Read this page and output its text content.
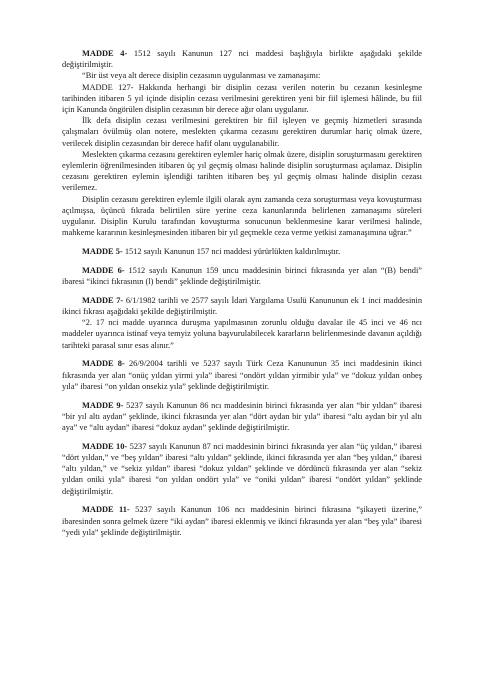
MADDE 4- 1512 sayılı Kanunun 127 nci maddesi başlığıyla birlikte aşağıdaki şekilde değiştirilmiştir.

“Bir üst veya alt derece disiplin cezasının uygulanması ve zamanaşımı:

MADDE 127- Hakkında herhangi bir disiplin cezası verilen noterin bu cezanın kesinleşme tarihinden itibaren 5 yıl içinde disiplin cezası verilmesini gerektiren yeni bir fiil işlemesi hâlinde, bu fiil için Kanunda öngörülen disiplin cezasının bir derece ağır olanı uygulanır.

İlk defa disiplin cezası verilmesini gerektiren bir fiil işleyen ve geçmiş hizmetleri sırasında çalışmaları övülmüş olan notere, meslekten çıkarma cezasını gerektiren durumlar hariç olmak üzere, verilecek disiplin cezasından bir derece hafif olanı uygulanabilir.

Meslekten çıkarma cezasını gerektiren eylemler hariç olmak üzere, disiplin soruşturmasını gerektiren eylemlerin öğrenilmesinden itibaren üç yıl geçmiş olması halinde disiplin soruşturması açılamaz. Disiplin cezasını gerektiren eylemin işlendiği tarihten itibaren beş yıl geçmiş olması halinde disiplin cezası verilemez.

Disiplin cezasını gerektiren eylemle ilgili olarak aynı zamanda ceza soruşturması veya kovuşturması açılmışsa, üçüncü fıkrada belirtilen süre yerine ceza kanunlarında belirlenen zamanaşımı süreleri uygulanır. Disiplin Kurulu tarafından kovuşturma sonucunun beklenmesine karar verilmesi halinde, mahkeme kararının kesinleşmesinden itibaren bir yıl geçmekle ceza verme yetkisi zamanaşımına uğrar.”

MADDE 5- 1512 sayılı Kanunun 157 nci maddesi yürürlükten kaldırılmıştır.

MADDE 6- 1512 sayılı Kanunun 159 uncu maddesinin birinci fıkrasında yer alan “(B) bendi” ibaresi “ikinci fıkrasının (l) bendi” şeklinde değiştirilmiştir.

MADDE 7- 6/1/1982 tarihli ve 2577 sayılı İdari Yargılama Usulü Kanununun ek 1 inci maddesinin ikinci fıkrası aşağıdaki şekilde değiştirilmiştir.

“2. 17 nci madde uyarınca duruşma yapılmasının zorunlu olduğu davalar ile 45 inci ve 46 ncı maddeler uyarınca istinaf veya temyiz yoluna başvurulabilecek kararların belirlenmesinde davanın açıldığı tarihteki parasal sınır esas alınır.”

MADDE 8- 26/9/2004 tarihli ve 5237 sayılı Türk Ceza Kanununun 35 inci maddesinin ikinci fıkrasında yer alan “onüç yıldan yirmi yıla” ibaresi “ondört yıldan yirmibir yıla” ve “dokuz yıldan onbeş yıla” ibaresi “on yıldan onsekiz yıla” şeklinde değiştirilmiştir.

MADDE 9- 5237 sayılı Kanunun 86 ncı maddesinin birinci fıkrasında yer alan “bir yıldan” ibaresi “bir yıl altı aydan” şeklinde, ikinci fıkrasında yer alan “dört aydan bir yıla” ibaresi “altı aydan bir yıl altı aya” ve “altı aydan” ibaresi “dokuz aydan” şeklinde değiştirilmiştir.

MADDE 10- 5237 sayılı Kanunun 87 nci maddesinin birinci fıkrasında yer alan “üç yıldan,” ibaresi “dört yıldan,” ve “beş yıldan” ibaresi “altı yıldan” şeklinde, ikinci fıkrasında yer alan “beş yıldan,” ibaresi “altı yıldan,” ve “sekiz yıldan” ibaresi “dokuz yıldan” şeklinde ve dördüncü fıkrasında yer alan “sekiz yıldan oniki yıla” ibaresi “on yıldan ondört yıla” ve “oniki yıldan” ibaresi “ondört yıldan” şeklinde değiştirilmiştir.

MADDE 11- 5237 sayılı Kanunun 106 ncı maddesinin birinci fıkrasına “şikayeti üzerine,” ibaresinden sonra gelmek üzere “iki aydan” ibaresi eklenmiş ve ikinci fıkrasında yer alan “beş yıla” ibaresi “yedi yıla” şeklinde değiştirilmiştir.
